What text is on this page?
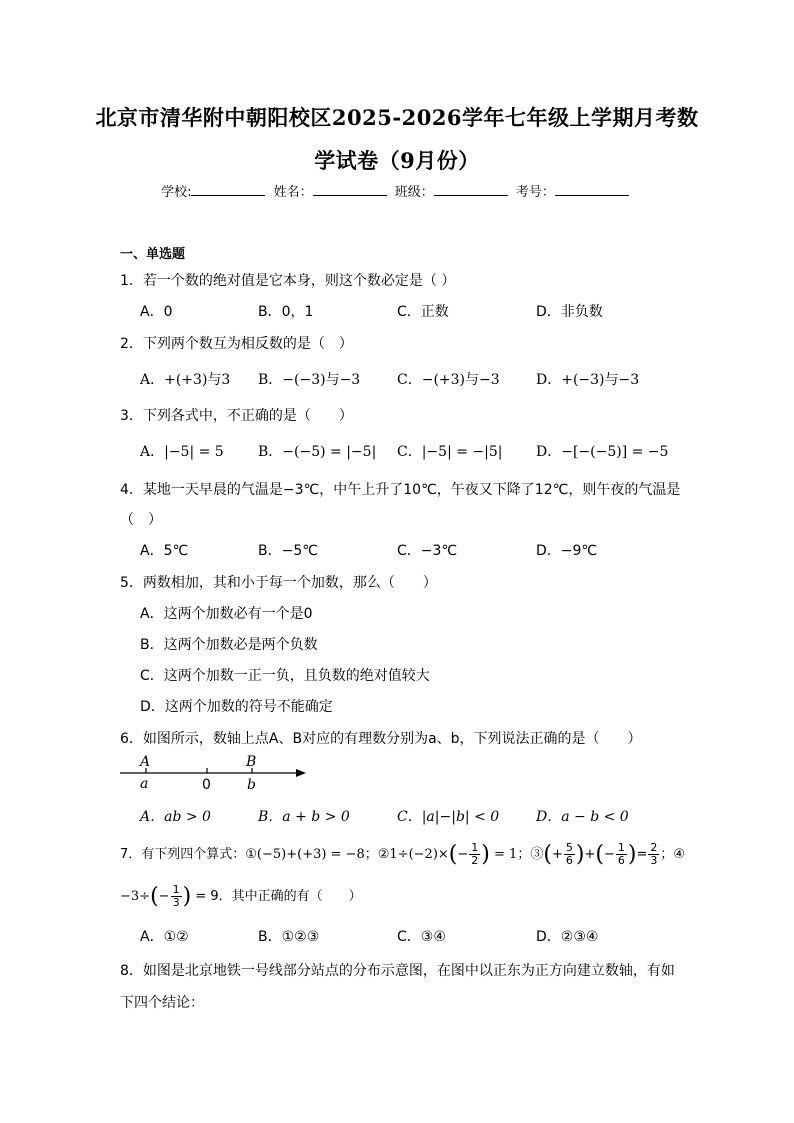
北京市清华附中朝阳校区2025-2026学年七年级上学期月考数
学试卷（9月份）
学校:	姓名：	班级：	考号：
一、单选题
1．若一个数的绝对值是它本身，则这个数必定是（ ）
A．0	B．0，1	C．正数	D．非负数
2．下列两个数互为相反数的是（　）
A．+(+3)与3 B．−(−3)与−3	C．−(+3)与−3	D．+(−3)与−3
3．下列各式中，不正确的是（　　）
A．|−5| = 5 B．−(−5) = |−5| C．|−5| = −|5| D．−[−(−5)] = −5
4．某地一天早晨的气温是−3℃，中午上升了10℃，午夜又下降了12℃，则午夜的气温是
（　）
A．5℃	B．−5℃	C．−3℃	D．−9℃
5．两数相加，其和小于每一个加数，那么（　　）
A．这两个加数必有一个是0
B．这两个加数必是两个负数
C．这两个加数一正一负，且负数的绝对值较大
D．这两个加数的符号不能确定
6．如图所示，数轴上点A、B对应的有理数分别为a、b，下列说法正确的是（　　）
A	B
a	0	b
A．ab > 0	B．a + b > 0	C．|a|−|b| < 0	D．a − b < 0
7．有下列四个算式：①(−5)+(+3) = −8；②1÷(−2)×(− $\frac{1}{2}$ ) = 1；③(+ $\frac{5}{6}$ )+(− $\frac{1}{6}$ )= $\frac{2}{3}$ ；④
$-3\div(- \frac{1}{3}$ ) = 9．其中正确的有（　　）
A．①②	B．①②③	C．③④	D．②③④
8．如图是北京地铁一号线部分站点的分布示意图，在图中以正东为正方向建立数轴，有如
下四个结论：
